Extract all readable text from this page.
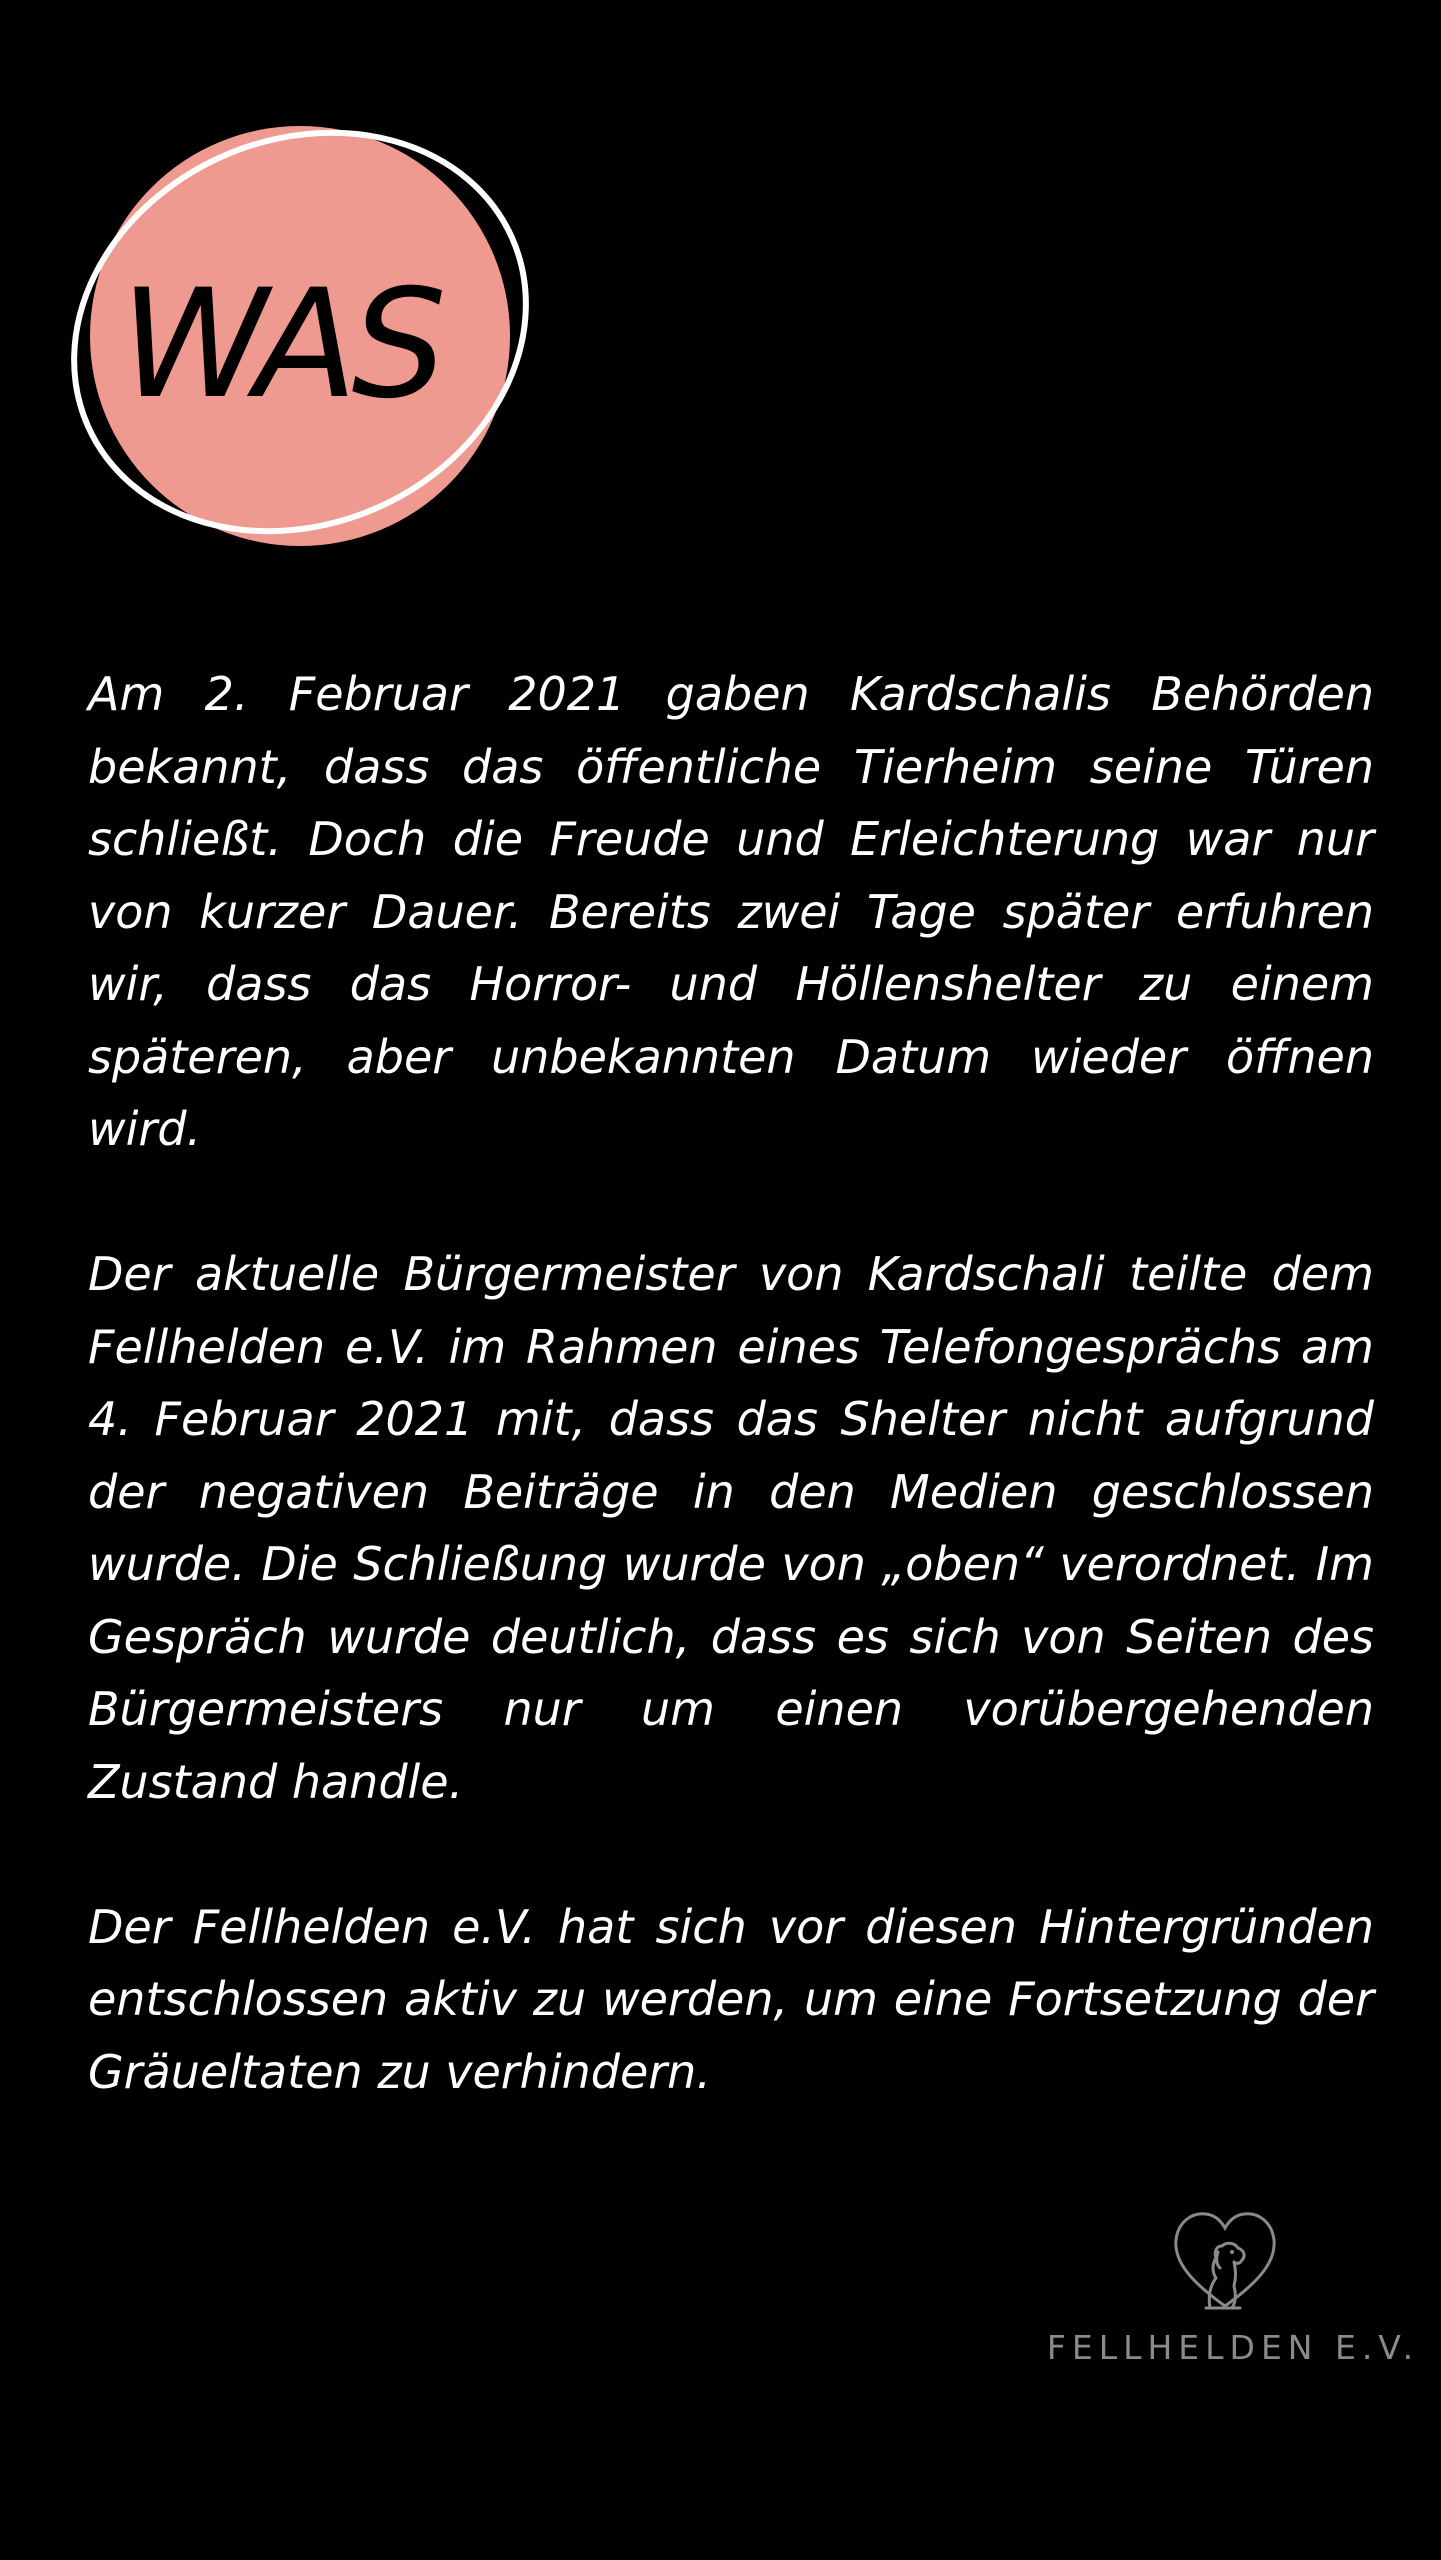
WAS

Am 2. Februar 2021 gaben Kardschalis Behörden bekannt, dass das öffentliche Tierheim seine Türen schließt. Doch die Freude und Erleichterung war nur von kurzer Dauer. Bereits zwei Tage später erfuhren wir, dass das Horror- und Höllenshelter zu einem späteren, aber unbekannten Datum wieder öffnen wird.

Der aktuelle Bürgermeister von Kardschali teilte dem Fellhelden e.V. im Rahmen eines Telefongesprächs am 4. Februar 2021 mit, dass das Shelter nicht aufgrund der negativen Beiträge in den Medien geschlossen wurde. Die Schließung wurde von „oben“ verordnet. Im Gespräch wurde deutlich, dass es sich von Seiten des Bürgermeisters nur um einen vorübergehenden Zustand handle.

Der Fellhelden e.V. hat sich vor diesen Hintergründen entschlossen aktiv zu werden, um eine Fortsetzung der Gräueltaten zu verhindern.

FELLHELDEN E.V.
